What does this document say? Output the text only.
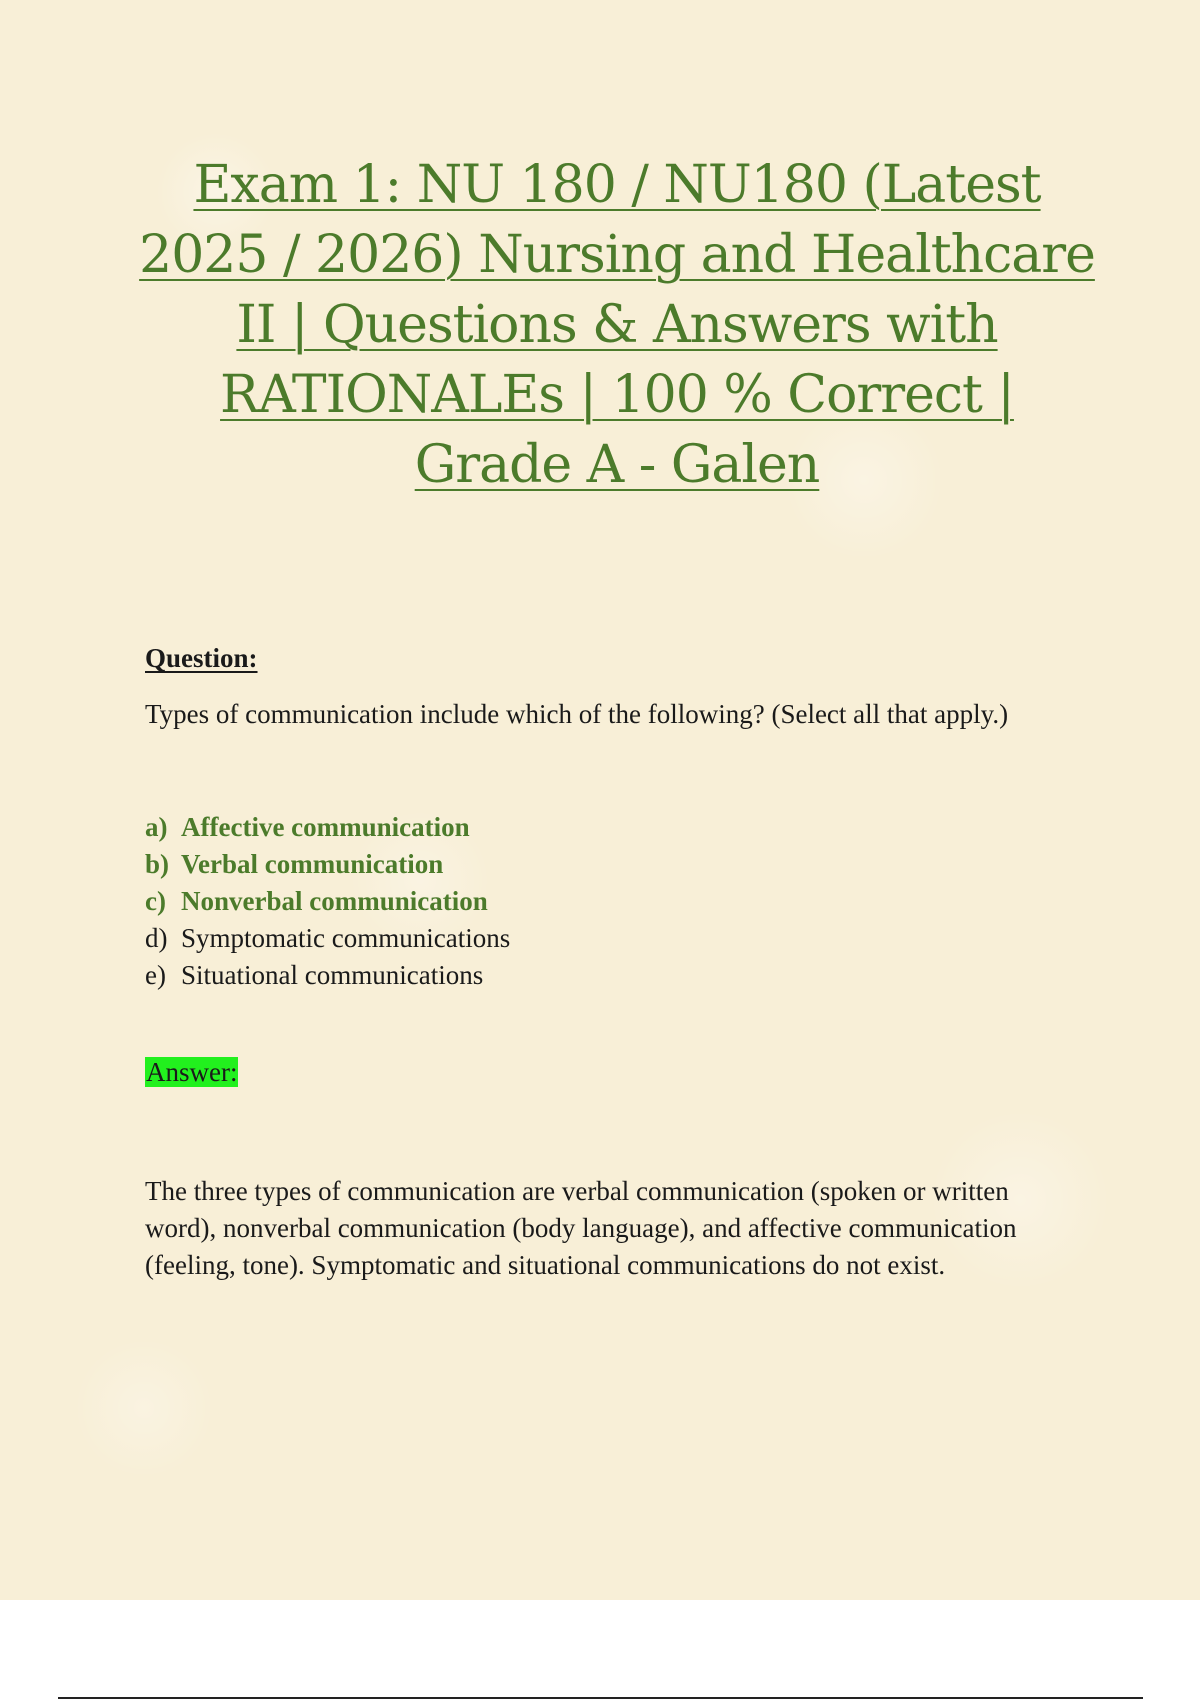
Exam 1: NU 180 / NU180 (Latest
2025 / 2026) Nursing and Healthcare
II | Questions & Answers with
RATIONALEs | 100 % Correct |
Grade A - Galen

Question:

Types of communication include which of the following? (Select all that apply.)

a) Affective communication
b) Verbal communication
c) Nonverbal communication
d) Symptomatic communications
e) Situational communications

Answer:

The three types of communication are verbal communication (spoken or written word), nonverbal communication (body language), and affective communication (feeling, tone). Symptomatic and situational communications do not exist.
